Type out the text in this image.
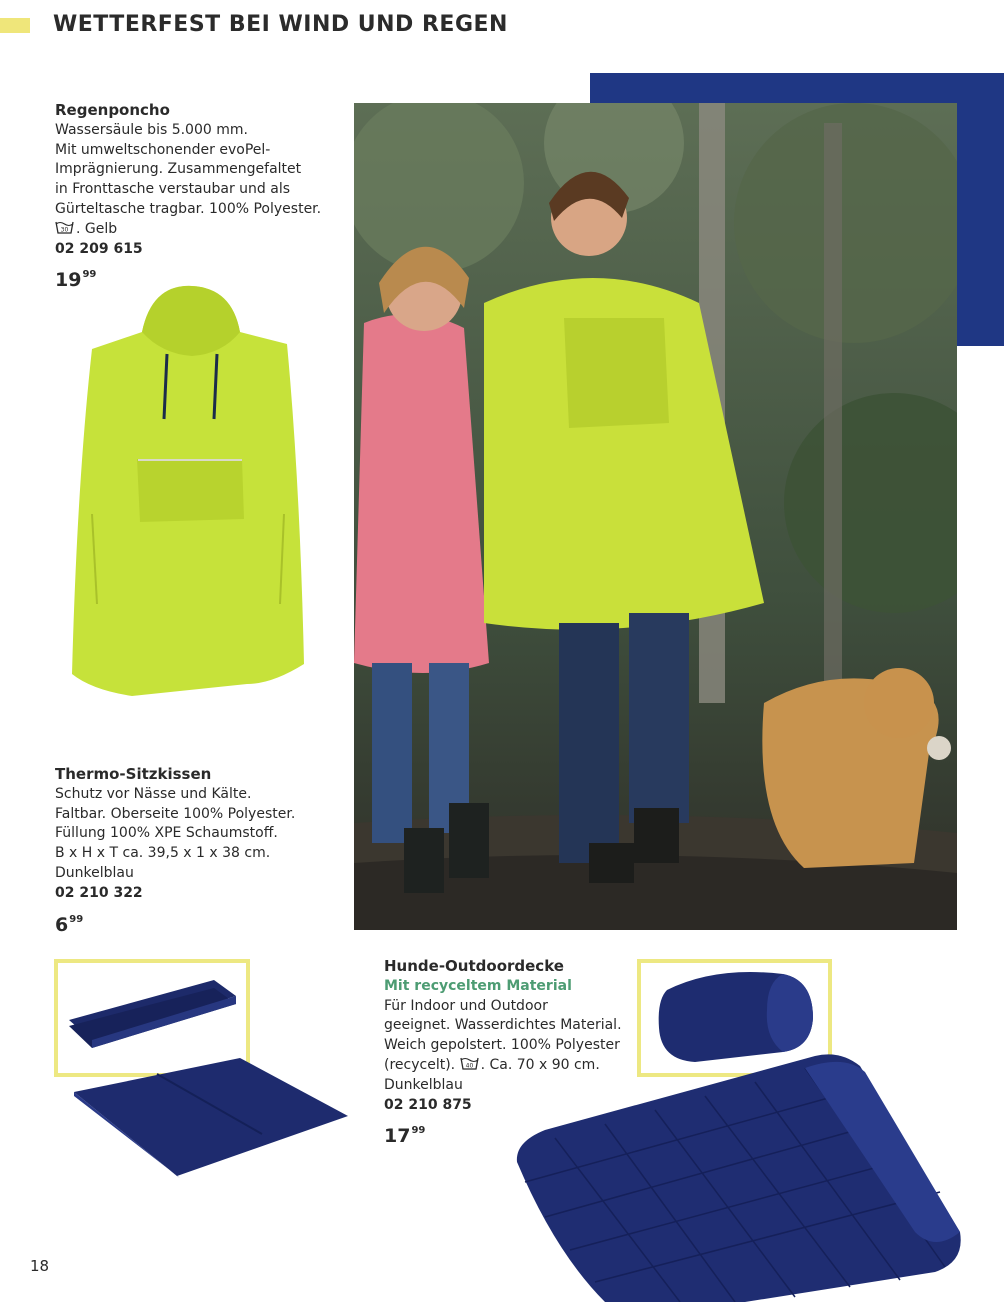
WETTERFEST BEI WIND UND REGEN
Regenponcho
Wassersäule bis 5.000 mm.
Mit umweltschonender evoPel-
Imprägnierung. Zusammengefaltet
in Fronttasche verstaubar und als
Gürteltasche tragbar. 100% Polyester.
30 . Gelb
02 209 615
$19^{99}$
Thermo-Sitzkissen
Schutz vor Nässe und Kälte.
Faltbar. Oberseite 100% Polyester.
Füllung 100% XPE Schaumstoff.
B x H x T ca. 39,5 x 1 x 38 cm.
Dunkelblau
02 210 322
$6^{99}$
Hunde-Outdoordecke
Mit recyceltem Material
Für Indoor und Outdoor
geeignet. Wasserdichtes Material.
Weich gepolstert. 100% Polyester
(recycelt). 40 . Ca. 70 x 90 cm.
Dunkelblau
02 210 875
$17^{99}$
18
